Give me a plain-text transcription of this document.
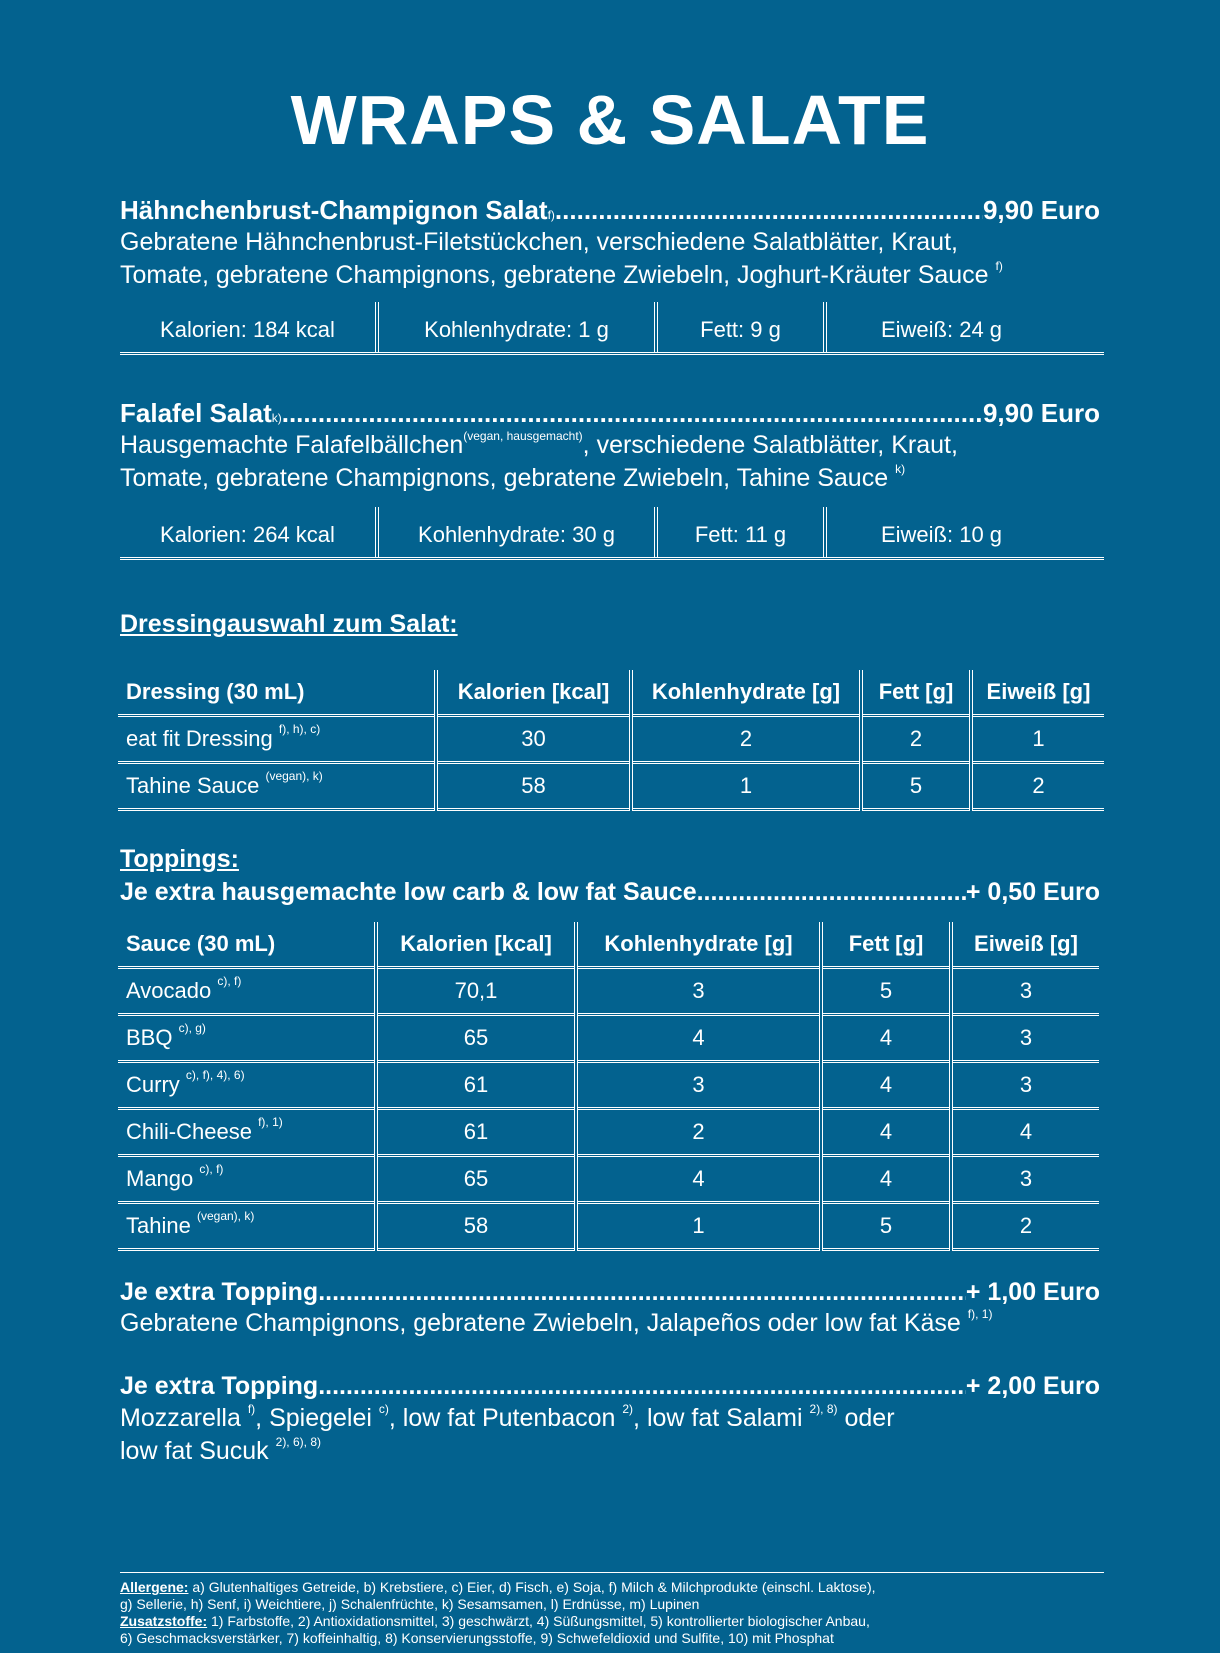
WRAPS & SALATE
Hähnchenbrust-Champignon Salat f) .....	9,90 Euro
Gebratene Hähnchenbrust-Filetstückchen, verschiedene Salatblätter, Kraut,
Tomate, gebratene Champignons, gebratene Zwiebeln, Joghurt-Kräuter Sauce $^{f)}$
Kalorien: 184 kcal	Kohlenhydrate: 1 g	Fett: 9 g	Eiweiß: 24 g
Falafel Salat k) .....	9,90 Euro
Hausgemachte Falafelbällchen$^{(vegan, hausgemacht)}$, verschiedene Salatblätter, Kraut,
Tomate, gebratene Champignons, gebratene Zwiebeln, Tahine Sauce $^{k)}$
Kalorien: 264 kcal	Kohlenhydrate: 30 g	Fett: 11 g	Eiweiß: 10 g
Dressingauswahl zum Salat:
Dressing (30 mL)	Kalorien [kcal]	Kohlenhydrate [g]	Fett [g]	Eiweiß [g]
eat fit Dressing $^{f), h), c)}$	30	2	2	1
Tahine Sauce $^{(vegan), k)}$	58	1	5	2
Toppings:
Je extra hausgemachte low carb & low fat Sauce .....	+ 0,50 Euro
Sauce (30 mL)	Kalorien [kcal]	Kohlenhydrate [g]	Fett [g]	Eiweiß [g]
Avocado $^{c), f)}$	70,1	3	5	3
BBQ $^{c), g)}$	65	4	4	3
Curry $^{c), f), 4), 6)}$	61	3	4	3
Chili-Cheese $^{f), 1)}$	61	2	4	4
Mango $^{c), f)}$	65	4	4	3
Tahine $^{(vegan), k)}$	58	1	5	2
Je extra Topping .....	+ 1,00 Euro
Gebratene Champignons, gebratene Zwiebeln, Jalapeños oder low fat Käse $^{f), 1)}$
Je extra Topping .....	+ 2,00 Euro
Mozzarella $^{f)}$, Spiegelei $^{c)}$, low fat Putenbacon $^{2)}$, low fat Salami $^{2), 8)}$ oder
low fat Sucuk $^{2), 6), 8)}$
Allergene: a) Glutenhaltiges Getreide, b) Krebstiere, c) Eier, d) Fisch, e) Soja, f) Milch & Milchprodukte (einschl. Laktose),
g) Sellerie, h) Senf, i) Weichtiere, j) Schalenfrüchte, k) Sesamsamen, l) Erdnüsse, m) Lupinen
Zusatzstoffe: 1) Farbstoffe, 2) Antioxidationsmittel, 3) geschwärzt, 4) Süßungsmittel, 5) kontrollierter biologischer Anbau,
6) Geschmacksverstärker, 7) koffeinhaltig, 8) Konservierungsstoffe, 9) Schwefeldioxid und Sulfite, 10) mit Phosphat
